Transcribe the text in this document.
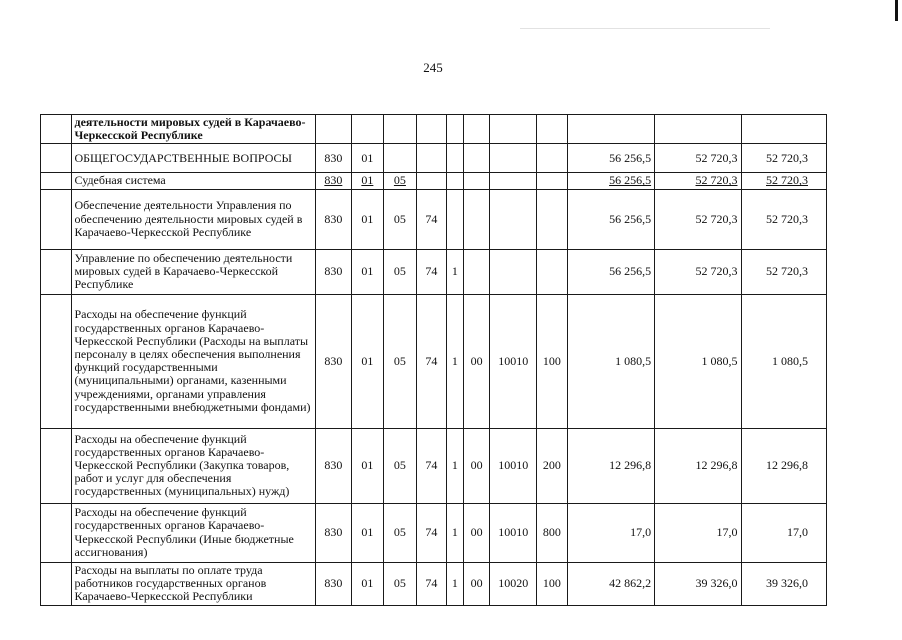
245
	деятельности мировых судей в Карачаево-Черкесской Республике											
	ОБЩЕГОСУДАРСТВЕННЫЕ ВОПРОСЫ	830	01							56 256,5	52 720,3	52 720,3
	Судебная система	830	01	05						56 256,5	52 720,3	52 720,3
	Обеспечение деятельности Управления по обеспечению деятельности мировых судей в Карачаево-Черкесской Республике	830	01	05	74					56 256,5	52 720,3	52 720,3
	Управление по обеспечению деятельности мировых судей в Карачаево-Черкесской Республике	830	01	05	74	1				56 256,5	52 720,3	52 720,3
	Расходы на обеспечение функций государственных органов Карачаево-Черкесской Республики (Расходы на выплаты персоналу в целях обеспечения выполнения функций государственными (муниципальными) органами, казенными учреждениями, органами управления государственными внебюджетными фондами)	830	01	05	74	1	00	10010	100	1 080,5	1 080,5	1 080,5
	Расходы на обеспечение функций государственных органов Карачаево-Черкесской Республики (Закупка товаров, работ и услуг для обеспечения государственных (муниципальных) нужд)	830	01	05	74	1	00	10010	200	12 296,8	12 296,8	12 296,8
	Расходы на обеспечение функций государственных органов Карачаево-Черкесской Республики (Иные бюджетные ассигнования)	830	01	05	74	1	00	10010	800	17,0	17,0	17,0
	Расходы на выплаты по оплате труда работников государственных органов Карачаево-Черкесской Республики	830	01	05	74	1	00	10020	100	42 862,2	39 326,0	39 326,0
